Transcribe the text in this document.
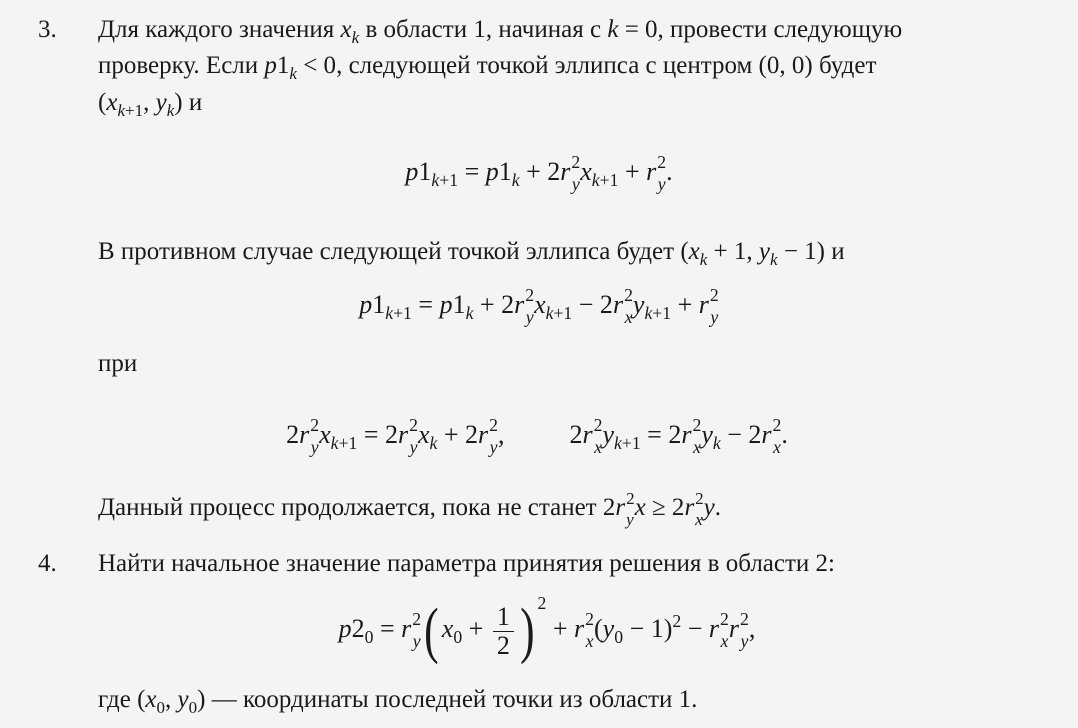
3. Для каждого значения $x_k$ в области 1, начиная с k = 0, провести следующую
проверку. Если $p1_k < 0$, следующей точкой эллипса с центром (0, 0) будет
($x_{k+1}$, $y_k$) и
$p1_{k+1} = p1_k + 2r$ 2
y $x_{k+1} + r$ 2
y .
В противном случае следующей точкой эллипса будет ($x_k + 1$, $y_k - 1$) и
$p1_{k+1} = p1_k + 2r$ 2
y $x_{k+1} - 2r$ 2
x $y_{k+1} + r$ 2
y
при
2r 2
y $x_{k+1} = 2r$ 2
y $x_k + 2r$ 2
y ,  2r 2
x $y_{k+1} = 2r$ 2
x $y_k - 2r$ 2
x .
Данный процесс продолжается, пока не станет 2r 2
y x ≥ 2r 2
x y.
4. Найти начальное значение параметра принятия решения в области 2:
$p2_0 = r$ 2
y ( $x_0 + \frac{1}{2}$ ) $^2$ + r 2
x $(y_0 - 1)^2 - r$ 2
x r 2
y ,
где ($x_0$, $y_0$) — координаты последней точки из области 1.
